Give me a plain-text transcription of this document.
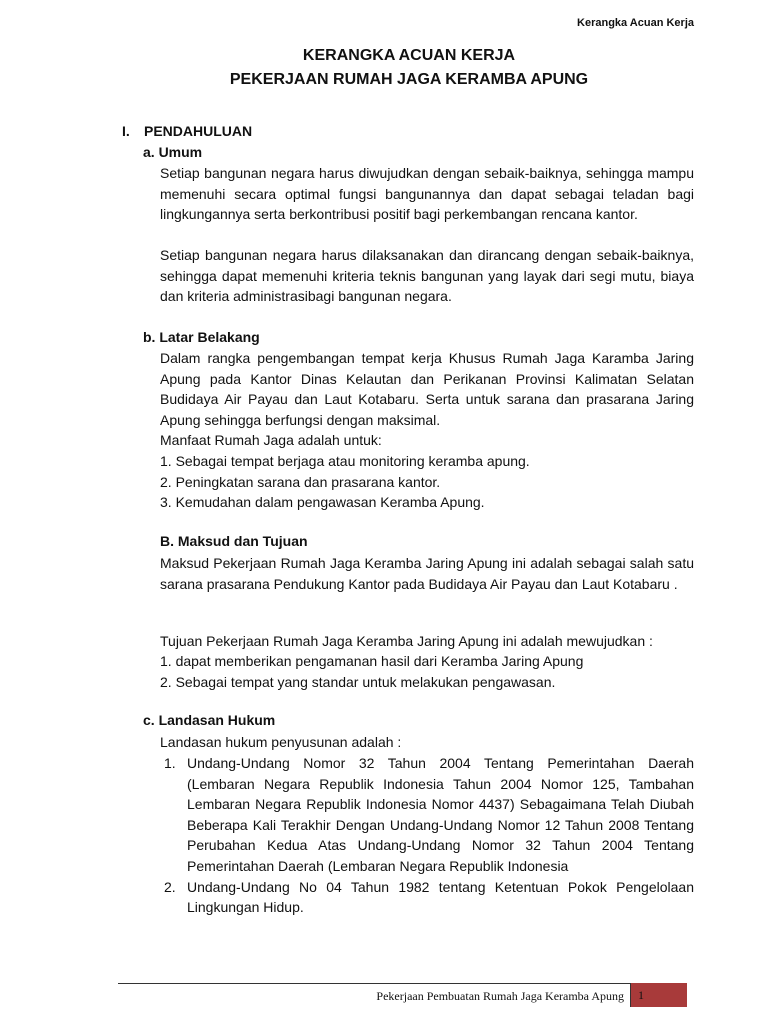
Kerangka Acuan Kerja
KERANGKA ACUAN KERJA
PEKERJAAN RUMAH JAGA KERAMBA APUNG
I. PENDAHULUAN
a. Umum
Setiap bangunan negara harus diwujudkan dengan sebaik-baiknya, sehingga mampu memenuhi secara optimal fungsi bangunannya dan dapat sebagai teladan bagi lingkungannya serta berkontribusi positif bagi perkembangan rencana kantor.
Setiap bangunan negara harus dilaksanakan dan dirancang dengan sebaik-baiknya, sehingga dapat memenuhi kriteria teknis bangunan yang layak dari segi mutu, biaya dan kriteria administrasibagi bangunan negara.
b. Latar Belakang
Dalam rangka pengembangan tempat kerja Khusus Rumah Jaga Karamba Jaring Apung pada Kantor Dinas Kelautan dan Perikanan Provinsi Kalimatan Selatan Budidaya Air Payau dan Laut Kotabaru. Serta untuk sarana dan prasarana Jaring Apung sehingga berfungsi dengan maksimal.
Manfaat Rumah Jaga adalah untuk:
1. Sebagai tempat berjaga atau monitoring keramba apung.
2. Peningkatan sarana dan prasarana kantor.
3. Kemudahan dalam pengawasan Keramba Apung.
B. Maksud dan Tujuan
Maksud Pekerjaan Rumah Jaga Keramba Jaring Apung ini adalah sebagai salah satu sarana prasarana Pendukung Kantor pada Budidaya Air Payau dan Laut Kotabaru .
Tujuan Pekerjaan Rumah Jaga Keramba Jaring Apung ini adalah mewujudkan :
1. dapat memberikan pengamanan hasil dari Keramba Jaring Apung
2. Sebagai tempat yang standar untuk melakukan pengawasan.
c. Landasan Hukum
Landasan hukum penyusunan adalah :
1. Undang-Undang Nomor 32 Tahun 2004 Tentang Pemerintahan Daerah (Lembaran Negara Republik Indonesia Tahun 2004 Nomor 125, Tambahan Lembaran Negara Republik Indonesia Nomor 4437) Sebagaimana Telah Diubah Beberapa Kali Terakhir Dengan Undang-Undang Nomor 12 Tahun 2008 Tentang Perubahan Kedua Atas Undang-Undang Nomor 32 Tahun 2004 Tentang Pemerintahan Daerah (Lembaran Negara Republik Indonesia
2. Undang-Undang No 04 Tahun 1982 tentang Ketentuan Pokok Pengelolaan Lingkungan Hidup.
Pekerjaan Pembuatan Rumah Jaga Keramba Apung 1
